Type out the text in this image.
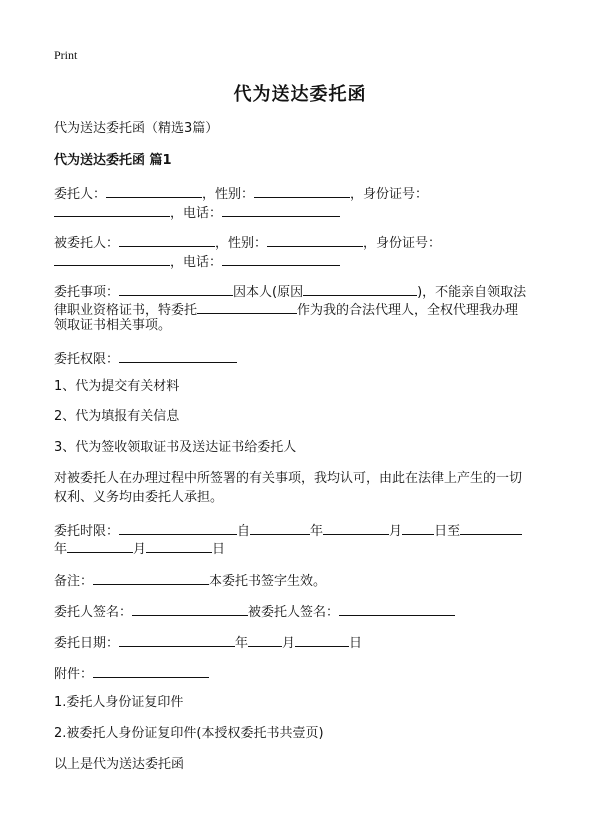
Print
代为送达委托函
代为送达委托函（精选3篇）
代为送达委托函 篇1
委托人：	，性别：	，身份证号：
，电话：
被委托人：	，性别：	，身份证号：
，电话：
委托事项：	因本人(原因	)，不能亲自领取法
律职业资格证书，特委托	作为我的合法代理人，全权代理我办理
领取证书相关事项。
委托权限：
1、代为提交有关材料
2、代为填报有关信息
3、代为签收领取证书及送达证书给委托人
对被委托人在办理过程中所签署的有关事项，我均认可，由此在法律上产生的一切
权利、义务均由委托人承担。
委托时限：	自	年	月 日至
年	月	日
备注：	本委托书签字生效。
委托人签名：	被委托人签名：
委托日期：	年	月	日
附件：
1.委托人身份证复印件
2.被委托人身份证复印件(本授权委托书共壹页)
以上是代为送达委托函
